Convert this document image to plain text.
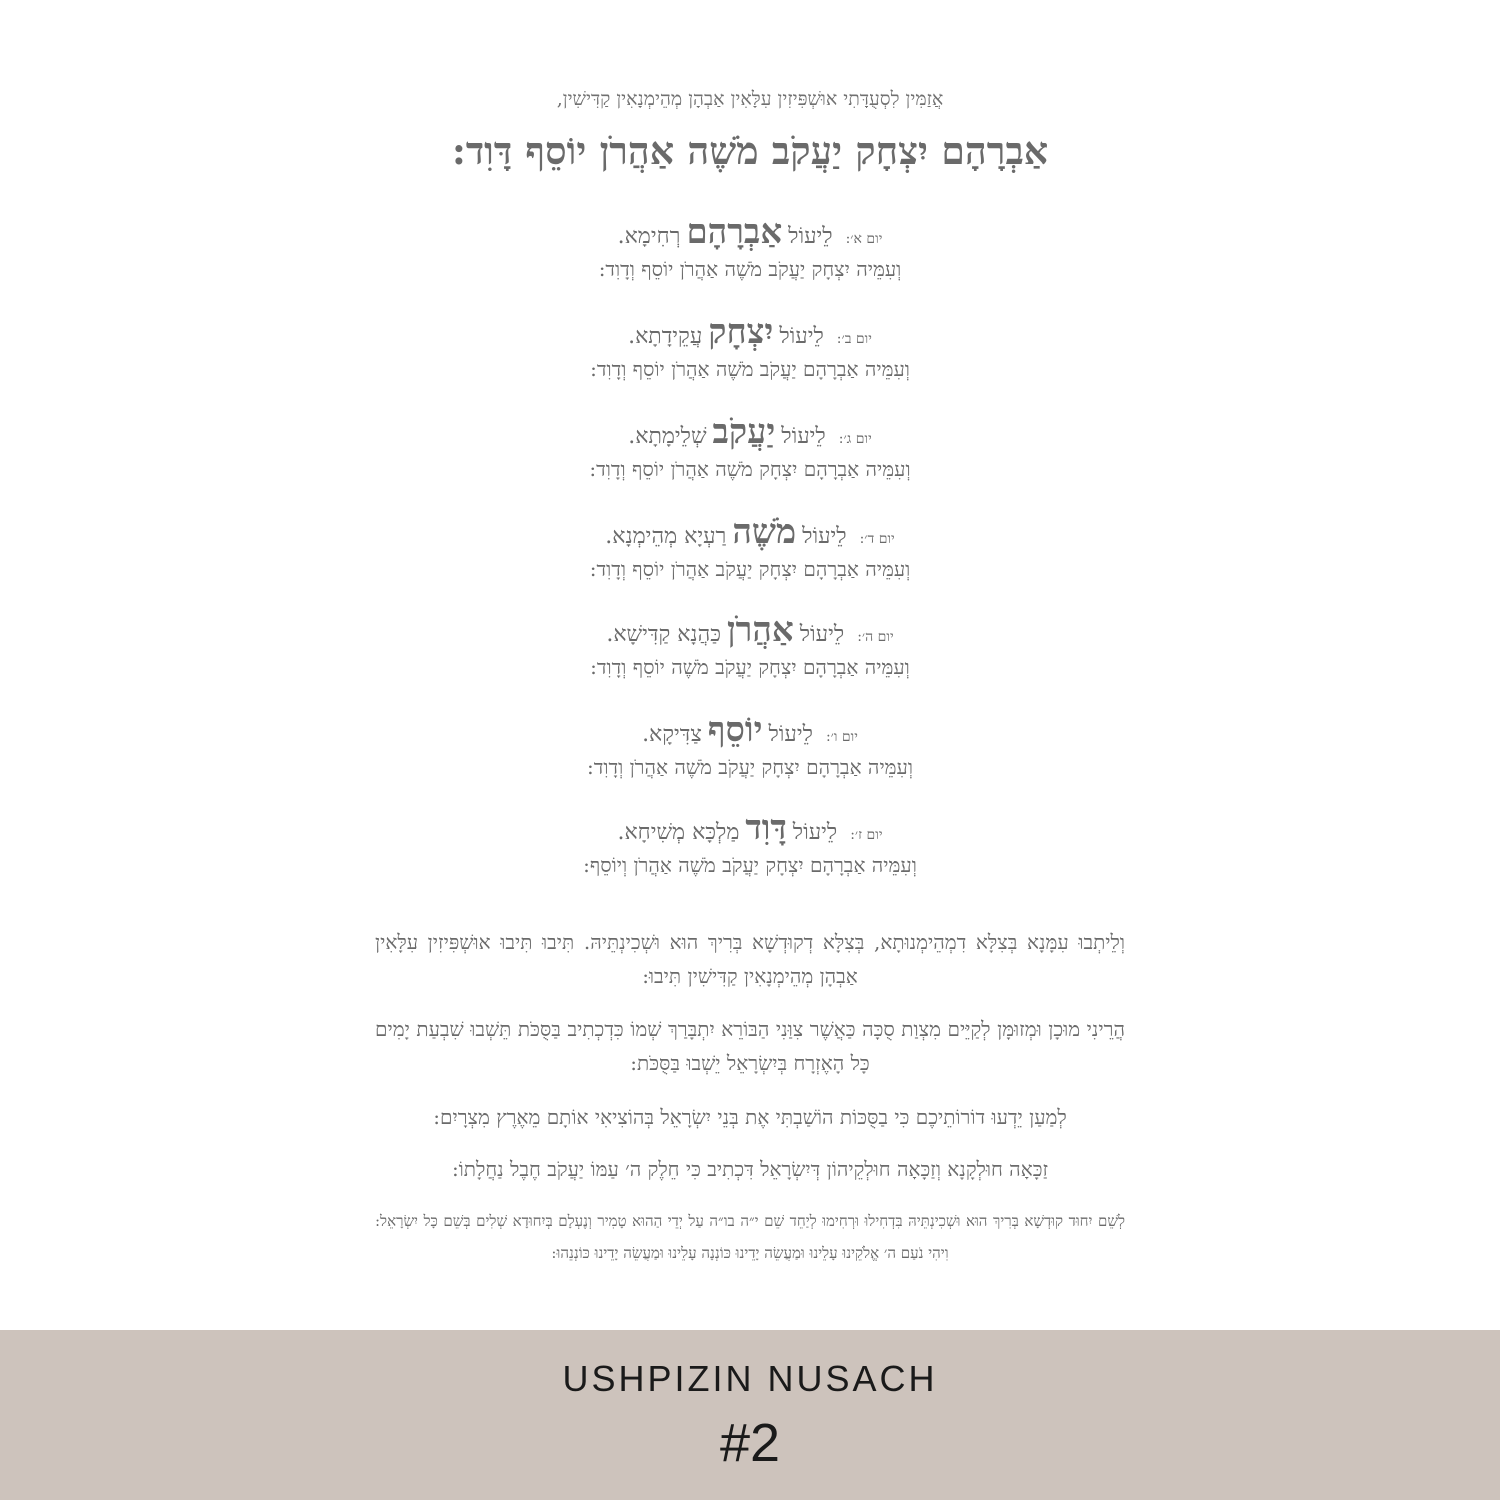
אֲזַמִּין לִסְעֻדָּתִי אוּשְׁפִּיזִין עִלָּאִין אַבְהָן מְהֵימְנָאִין קַדִּישִׁין,
אַבְרָהָם יִצְחָק יַעֲקֹב מֹשֶׁה אַהֲרֹן יוֹסֵף דָּוִד:
יום א׳: לֵיעוֹלאַבְרָהָםרְחִימָא.
וְעִמֵּיה יִצְחָק יַעֲקֹב מֹשֶׁה אַהֲרֹן יוֹסֵף וְדָוִד:
יום ב׳: לֵיעוֹליִצְחָקעֲקֵידָתָא.
וְעִמֵּיה אַבְרָהָם יַעֲקֹב מֹשֶׁה אַהֲרֹן יוֹסֵף וְדָוִד:
יום ג׳: לֵיעוֹליַעֲקֹבשְׁלֵימָתָא.
וְעִמֵּיה אַבְרָהָם יִצְחָק מֹשֶׁה אַהֲרֹן יוֹסֵף וְדָוִד:
יום ד׳: לֵיעוֹלמֹשֶׁהרַעְיָא מְהֵימְנָא.
וְעִמֵּיה אַבְרָהָם יִצְחָק יַעֲקֹב אַהֲרֹן יוֹסֵף וְדָוִד:
יום ה׳: לֵיעוֹלאַהֲרֹןכַּהֲנָא קַדִּישָׁא.
וְעִמֵּיה אַבְרָהָם יִצְחָק יַעֲקֹב מֹשֶׁה יוֹסֵף וְדָוִד:
יום ו׳: לֵיעוֹליוֹסֵףצַדִּיקָא.
וְעִמֵּיה אַבְרָהָם יִצְחָק יַעֲקֹב מֹשֶׁה אַהֲרֹן וְדָוִד:
יום ז׳: לֵיעוֹלדָּוִדמַלְכָּא מְשִׁיחָא.
וְעִמֵּיה אַבְרָהָם יִצְחָק יַעֲקֹב מֹשֶׁה אַהֲרֹן וְיוֹסֵף:
וְלֵיתְבוּ עִמָּנָא בְּצִלָּא דִמְהֵימְנוּתָא, בְּצִלָּא דְקוּדְשָׁא בְּרִיךְ הוּא וּשְׁכִינְתֵּיהּ. תִּיבוּ תִּיבוּ אוּשְׁפִּיזִין עִלָּאִין אַבְהָן מְהֵימְנָאִין קַדִּישִׁין תִּיבוּ:
הֲרֵינִי מוּכָן וּמְזוּמָּן לְקַיֵּים מִצְוַת סֻכָּה כַּאֲשֶׁר צִוַּנִי הַבּוֹרֵא יִתְבָּרַךְ שְׁמוֹ כִּדְכְתִיב בַּסֻּכֹּת תֵּשְׁבוּ שִׁבְעַת יָמִים כָּל הָאֶזְרָח בְּיִשְׂרָאֵל יֵשְׁבוּ בַּסֻּכֹּת:
לְמַעַן יֵדְעוּ דוֹרוֹתֵיכֶם כִּי בַסֻּכּוֹת הוֹשַׁבְתִּי אֶת בְּנֵי יִשְׂרָאֵל בְּהוֹצִיאִי אוֹתָם מֵאֶרֶץ מִצְרָיִם:
זַכָּאָה חוּלְקָנָא וְזַכָּאָה חוּלְקֵיהוֹן דְּיִשְׂרָאֵל דִּכְתִיב כִּי חֵלֶק ה׳ עַמּוֹ יַעֲקֹב חֶבֶל נַחֲלָתוֹ:
לְשֵׁם יִחוּד קוּדְשָׁא בְּרִיךְ הוּא וּשְׁכִינְתֵּיהּ בִּדְחִילוּ וּרְחִימוּ לְיַחֵד שֵׁם י״ה בו״ה עַל יְדֵי הַהוּא טָמִיר וְנֶעְלָם בְּיִחוּדָא שְׁלִים בְּשֵׁם כָּל יִשְׂרָאֵל: וִיהִי נֹעַם ה׳ אֱלֹקֵינוּ עָלֵינוּ וּמַעֲשֵׂה יָדֵינוּ כּוֹנְנָה עָלֵינוּ וּמַעֲשֵׂה יָדֵינוּ כּוֹנְנֵהוּ:
USHPIZIN NUSACH
#2
